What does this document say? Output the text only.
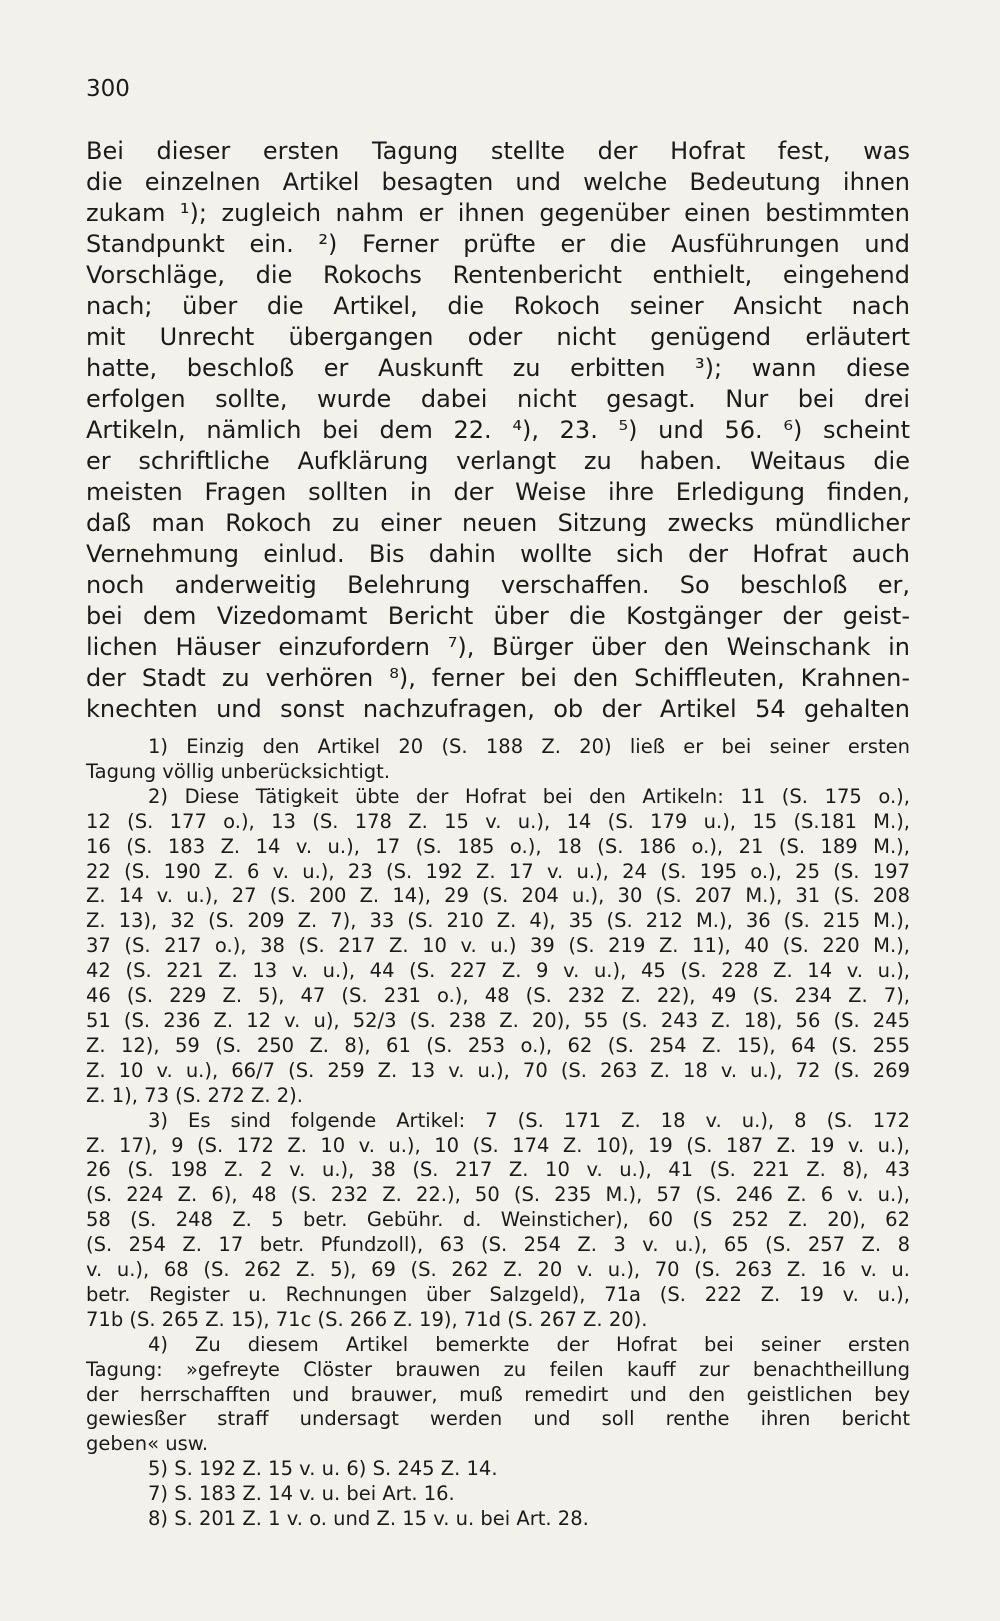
300
Bei dieser ersten Tagung stellte der Hofrat fest, was
die einzelnen Artikel besagten und welche Bedeutung ihnen
zukam ¹); zugleich nahm er ihnen gegenüber einen bestimmten
Standpunkt ein. ²) Ferner prüfte er die Ausführungen und
Vorschläge, die Rokochs Rentenbericht enthielt, eingehend
nach; über die Artikel, die Rokoch seiner Ansicht nach
mit Unrecht übergangen oder nicht genügend erläutert
hatte, beschloß er Auskunft zu erbitten ³); wann diese
erfolgen sollte, wurde dabei nicht gesagt. Nur bei drei
Artikeln, nämlich bei dem 22. ⁴), 23. ⁵) und 56. ⁶) scheint
er schriftliche Aufklärung verlangt zu haben. Weitaus die
meisten Fragen sollten in der Weise ihre Erledigung finden,
daß man Rokoch zu einer neuen Sitzung zwecks mündlicher
Vernehmung einlud. Bis dahin wollte sich der Hofrat auch
noch anderweitig Belehrung verschaffen. So beschloß er,
bei dem Vizedomamt Bericht über die Kostgänger der geist-
lichen Häuser einzufordern ⁷), Bürger über den Weinschank in
der Stadt zu verhören ⁸), ferner bei den Schiffleuten, Krahnen-
knechten und sonst nachzufragen, ob der Artikel 54 gehalten
1) Einzig den Artikel 20 (S. 188 Z. 20) ließ er bei seiner ersten
Tagung völlig unberücksichtigt.
2) Diese Tätigkeit übte der Hofrat bei den Artikeln: 11 (S. 175 o.),
12 (S. 177 o.), 13 (S. 178 Z. 15 v. u.), 14 (S. 179 u.), 15 (S.181 M.),
16 (S. 183 Z. 14 v. u.), 17 (S. 185 o.), 18 (S. 186 o.), 21 (S. 189 M.),
22 (S. 190 Z. 6 v. u.), 23 (S. 192 Z. 17 v. u.), 24 (S. 195 o.), 25 (S. 197
Z. 14 v. u.), 27 (S. 200 Z. 14), 29 (S. 204 u.), 30 (S. 207 M.), 31 (S. 208
Z. 13), 32 (S. 209 Z. 7), 33 (S. 210 Z. 4), 35 (S. 212 M.), 36 (S. 215 M.),
37 (S. 217 o.), 38 (S. 217 Z. 10 v. u.) 39 (S. 219 Z. 11), 40 (S. 220 M.),
42 (S. 221 Z. 13 v. u.), 44 (S. 227 Z. 9 v. u.), 45 (S. 228 Z. 14 v. u.),
46 (S. 229 Z. 5), 47 (S. 231 o.), 48 (S. 232 Z. 22), 49 (S. 234 Z. 7),
51 (S. 236 Z. 12 v. u), 52/3 (S. 238 Z. 20), 55 (S. 243 Z. 18), 56 (S. 245
Z. 12), 59 (S. 250 Z. 8), 61 (S. 253 o.), 62 (S. 254 Z. 15), 64 (S. 255
Z. 10 v. u.), 66/7 (S. 259 Z. 13 v. u.), 70 (S. 263 Z. 18 v. u.), 72 (S. 269
Z. 1), 73 (S. 272 Z. 2).
3) Es sind folgende Artikel: 7 (S. 171 Z. 18 v. u.), 8 (S. 172
Z. 17), 9 (S. 172 Z. 10 v. u.), 10 (S. 174 Z. 10), 19 (S. 187 Z. 19 v. u.),
26 (S. 198 Z. 2 v. u.), 38 (S. 217 Z. 10 v. u.), 41 (S. 221 Z. 8), 43
(S. 224 Z. 6), 48 (S. 232 Z. 22.), 50 (S. 235 M.), 57 (S. 246 Z. 6 v. u.),
58 (S. 248 Z. 5 betr. Gebühr. d. Weinsticher), 60 (S 252 Z. 20), 62
(S. 254 Z. 17 betr. Pfundzoll), 63 (S. 254 Z. 3 v. u.), 65 (S. 257 Z. 8
v. u.), 68 (S. 262 Z. 5), 69 (S. 262 Z. 20 v. u.), 70 (S. 263 Z. 16 v. u.
betr. Register u. Rechnungen über Salzgeld), 71a (S. 222 Z. 19 v. u.),
71b (S. 265 Z. 15), 71c (S. 266 Z. 19), 71d (S. 267 Z. 20).
4) Zu diesem Artikel bemerkte der Hofrat bei seiner ersten
Tagung: »gefreyte Clöster brauwen zu feilen kauff zur benachtheillung
der herrschafften und brauwer, muß remedirt und den geistlichen bey
gewiesßer straff undersagt werden und soll renthe ihren bericht
geben« usw.
5) S. 192 Z. 15 v. u. 6) S. 245 Z. 14.
7) S. 183 Z. 14 v. u. bei Art. 16.
8) S. 201 Z. 1 v. o. und Z. 15 v. u. bei Art. 28.
